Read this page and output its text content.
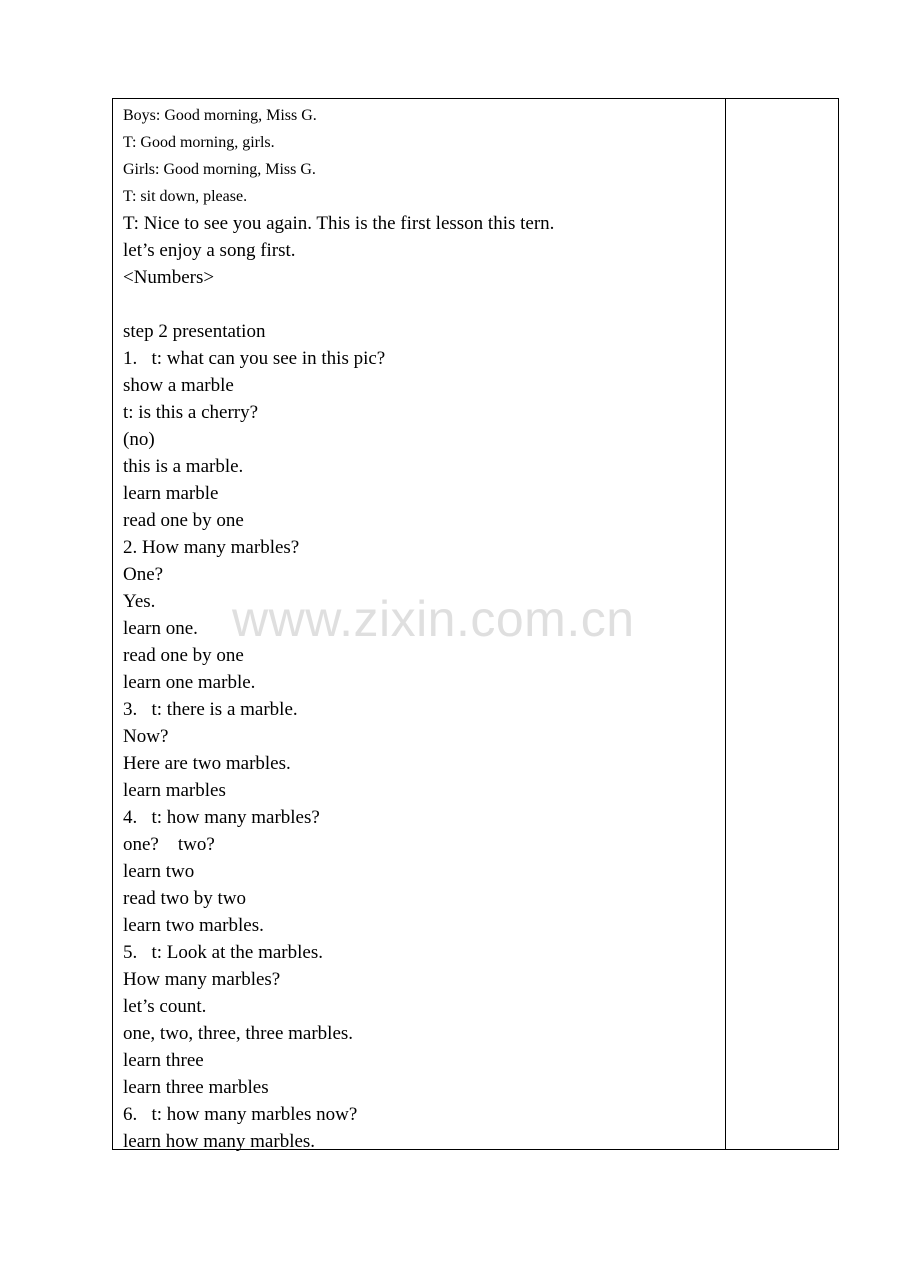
Boys: Good morning, Miss G.
T: Good morning, girls.
Girls: Good morning, Miss G.
T: sit down, please.
T: Nice to see you again. This is the first lesson this tern.
let’s enjoy a song first.
<Numbers>
step 2 presentation
1.   t: what can you see in this pic?
show a marble
t: is this a cherry?
(no)
this is a marble.
learn marble
read one by one
2. How many marbles?
One?
Yes.
learn one.
read one by one
learn one marble.
3.   t: there is a marble.
Now?
Here are two marbles.
learn marbles
4.   t: how many marbles?
one?    two?
learn two
read two by two
learn two marbles.
5.   t: Look at the marbles.
How many marbles?
let’s count.
one, two, three, three marbles.
learn three
learn three marbles
6.   t: how many marbles now?
learn how many marbles.
www.zixin.com.cn
